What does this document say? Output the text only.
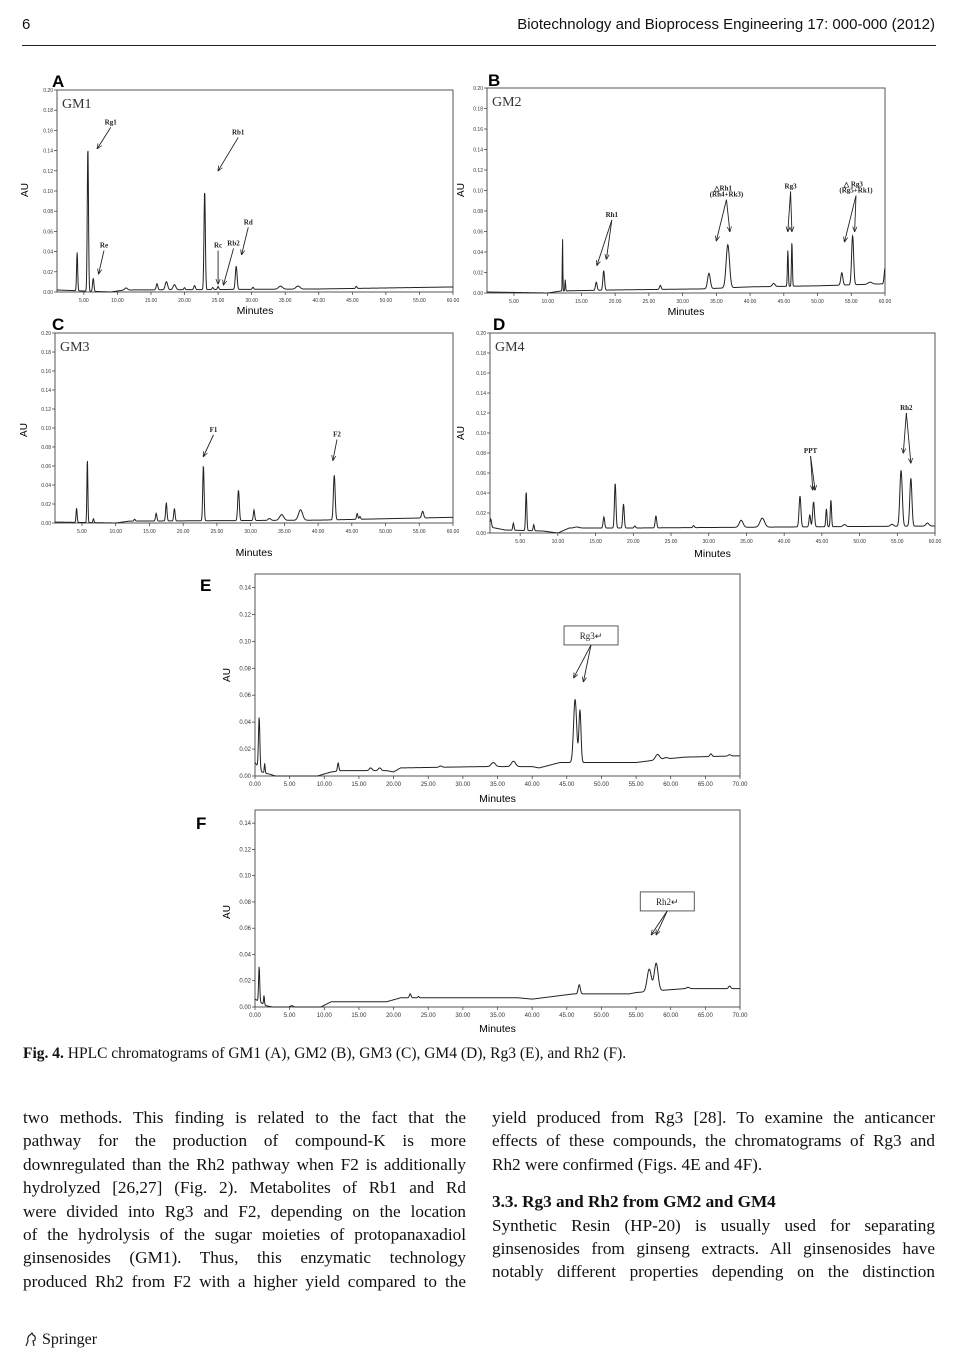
6	Biotechnology and Bioprocess Engineering 17: 000-000 (2012)
0.00
0.02
0.04
0.06
0.08
0.10
0.12
0.14
0.16
0.18
0.20
5.00	10.00	15.00	20.00	25.00	30.00	35.00	40.00	45.00	50.00	55.00	60.00
Rg1
Re
Rb1
Rc Rb2
Rd
A
GM1
AU
Minutes
0.00
0.02
0.04
0.06
0.08
0.10
0.12
0.14
0.16
0.18
0.20
5.00	10.00	15.00	20.00	25.00	30.00	35.00	40.00	45.00	50.00	55.00	60.00
Rh1
△Rh1
(Rh4+Rk3)
Rg3	△ Rg3
(Rg5+Rk1)
B
GM2
AU
Minutes
0.00
0.02
0.04
0.06
0.08
0.10
0.12
0.14
0.16
0.18
0.20
5.00	10.00	15.00	20.00	25.00	30.00	35.00	40.00	45.00	50.00	55.00	60.00
F1
F2
C
GM3
AU
Minutes
0.00
0.02
0.04
0.06
0.08
0.10
0.12
0.14
0.16
0.18
0.20
5.00	10.00	15.00	20.00	25.00	30.00	35.00	40.00	45.00	50.00	55.00	60.00
PPT
Rh2
D
GM4
AU
Minutes
0.00
0.02
0.04
0.06
0.08
0.10
0.12
0.14
0.00	5.00	10.00	15.00	20.00	25.00	30.00	35.00	40.00	45.00	50.00	55.00	60.00	65.00	70.00
Rg3↵
E
AU
Minutes
0.00
0.02
0.04
0.06
0.08
0.10
0.12
0.14
0.00	5.00	10.00	15.00	20.00	25.00	30.00	35.00	40.00	45.00	50.00	55.00	60.00	65.00	70.00
Rh2↵
F
AU
Minutes
Fig. 4. HPLC chromatograms of GM1 (A), GM2 (B), GM3 (C), GM4 (D), Rg3 (E), and Rh2 (F).
two methods. This finding is related to the fact that the
pathway for the production of compound-K is more
downregulated than the Rh2 pathway when F2 is additionally
hydrolyzed [26,27] (Fig. 2). Metabolites of Rb1 and Rd
were divided into Rg3 and F2, depending on the location
of the hydrolysis of the sugar moieties of protopanaxadiol
ginsenosides (GM1). Thus, this enzymatic technology
produced Rh2 from F2 with a higher yield compared to the
yield produced from Rg3 [28]. To examine the anticancer
effects of these compounds, the chromatograms of Rg3 and
Rh2 were confirmed (Figs. 4E and 4F).
3.3. Rg3 and Rh2 from GM2 and GM4
Synthetic Resin (HP-20) is usually used for separating
ginsenosides from ginseng extracts. All ginsenosides have
notably different properties depending on the distinction
Springer
